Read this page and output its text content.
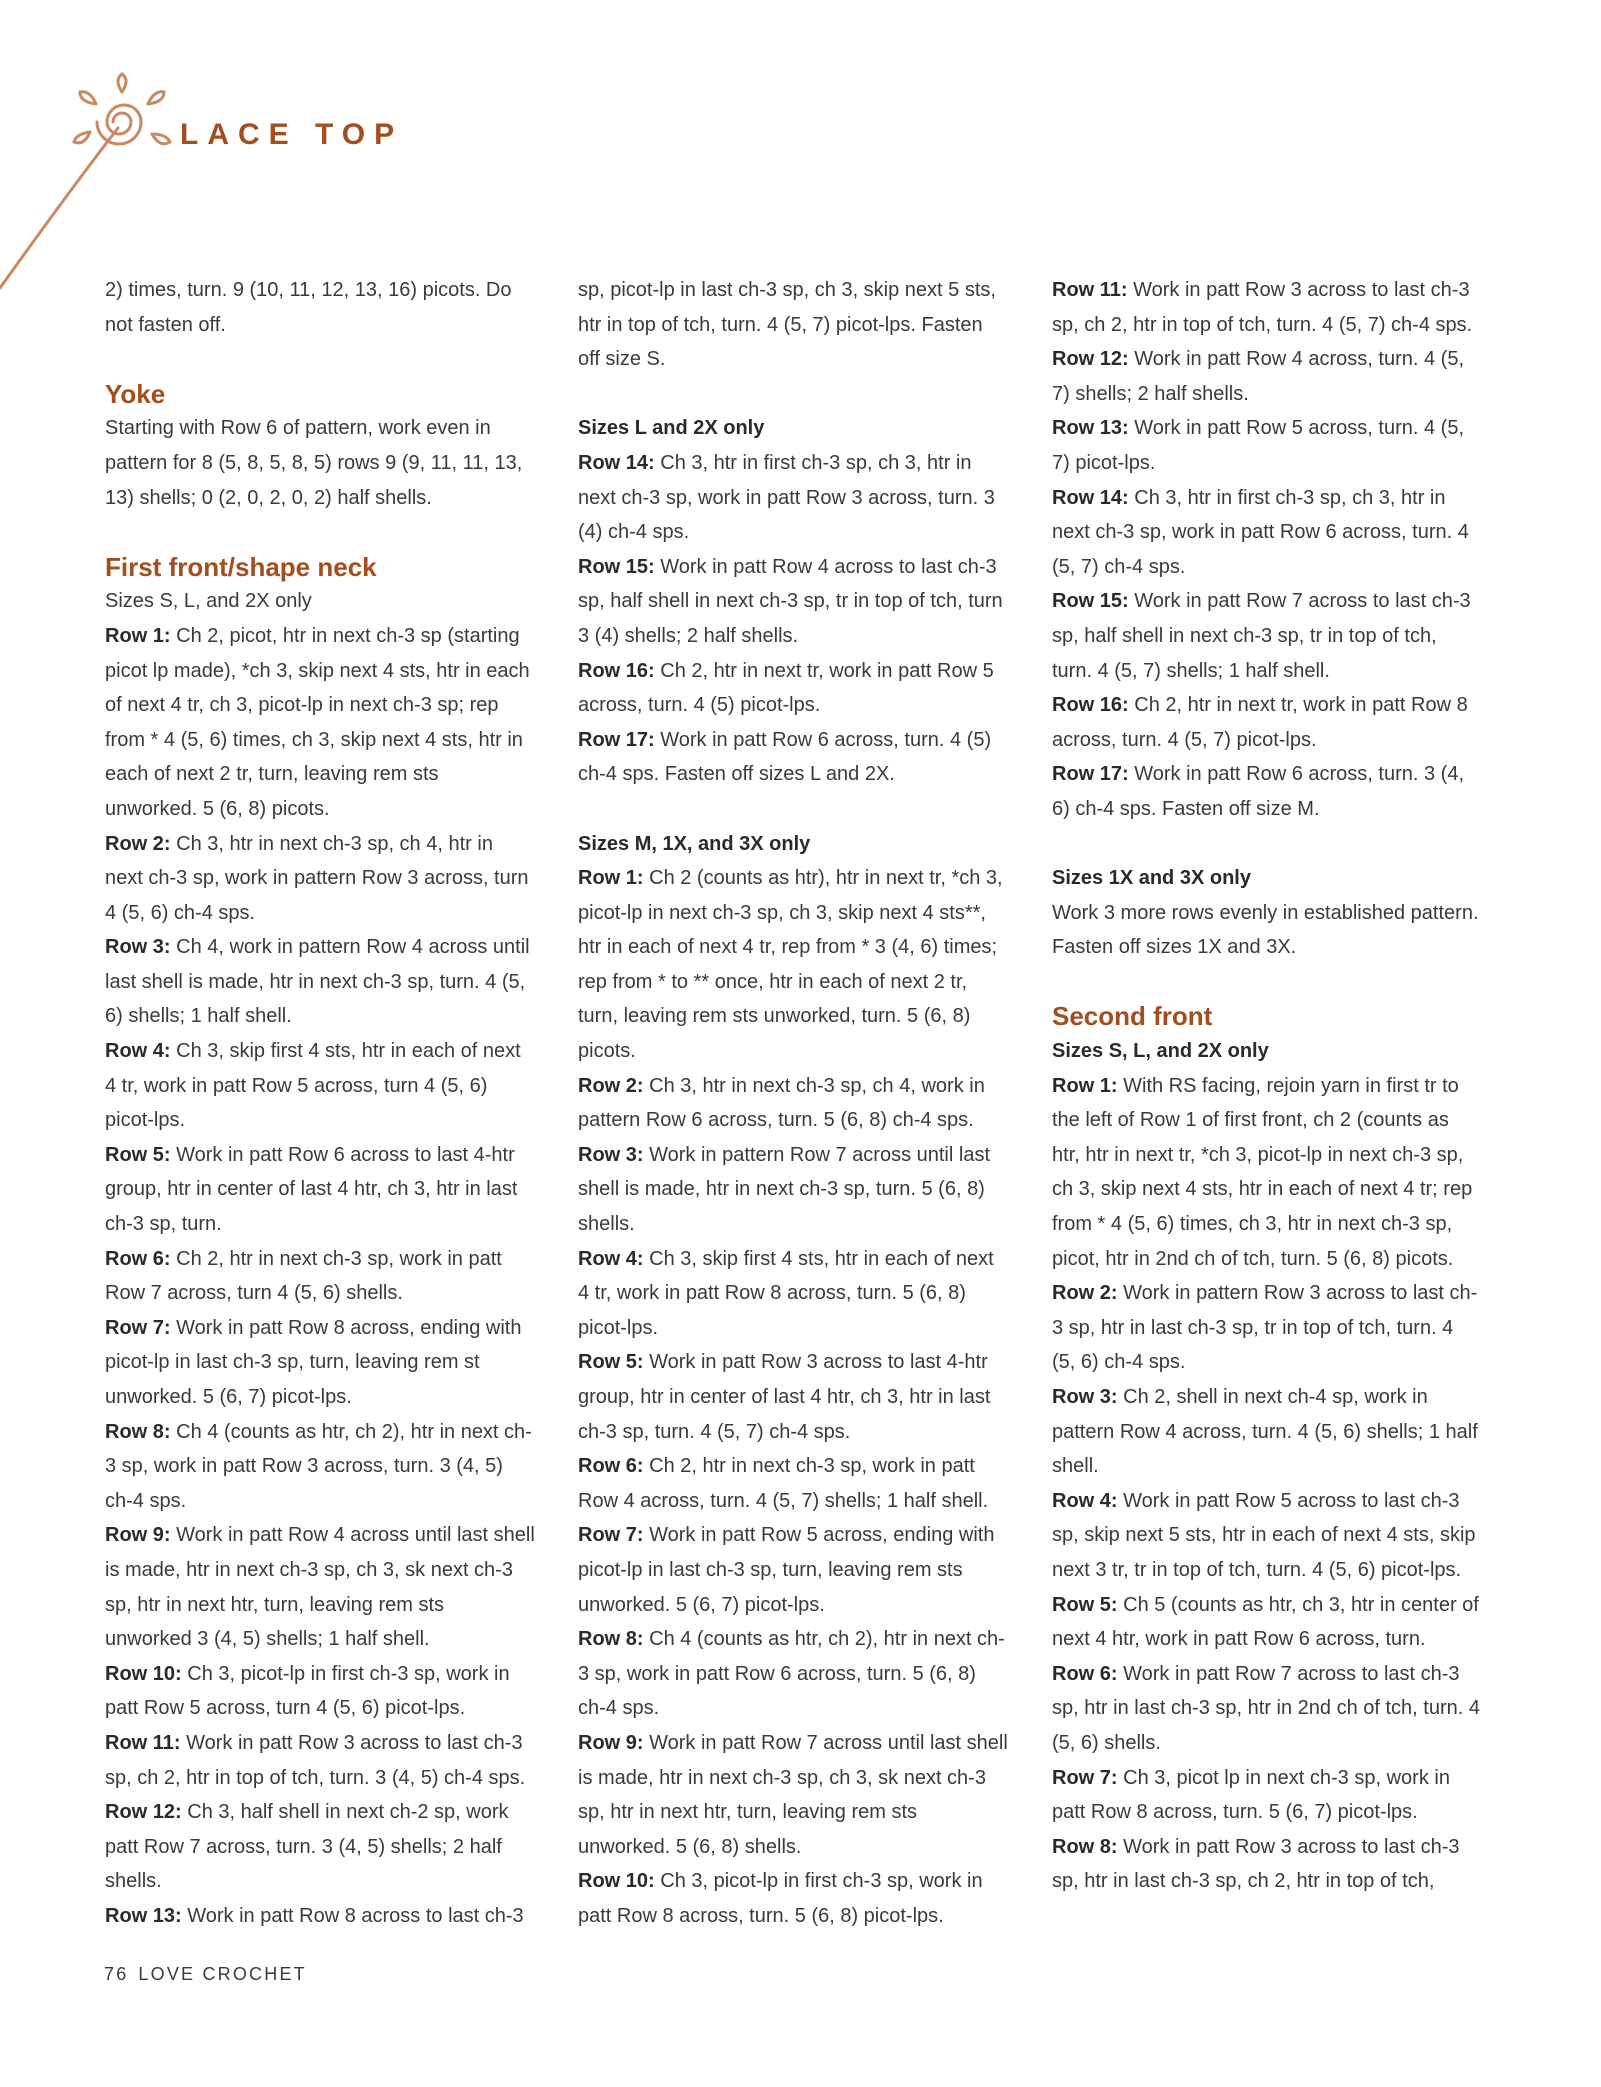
LACE TOP

2) times, turn. 9 (10, 11, 12, 13, 16) picots. Do not fasten off.

Yoke

Starting with Row 6 of pattern, work even in pattern for 8 (5, 8, 5, 8, 5) rows 9 (9, 11, 11, 13, 13) shells; 0 (2, 0, 2, 0, 2) half shells.

First front/shape neck

Sizes S, L, and 2X only

Row 1: Ch 2, picot, htr in next ch-3 sp (starting picot lp made), *ch 3, skip next 4 sts, htr in each of next 4 tr, ch 3, picot-lp in next ch-3 sp; rep from * 4 (5, 6) times, ch 3, skip next 4 sts, htr in each of next 2 tr, turn, leaving rem sts unworked. 5 (6, 8) picots.

Row 2: Ch 3, htr in next ch-3 sp, ch 4, htr in next ch-3 sp, work in pattern Row 3 across, turn 4 (5, 6) ch-4 sps.

Row 3: Ch 4, work in pattern Row 4 across until last shell is made, htr in next ch-3 sp, turn. 4 (5, 6) shells; 1 half shell.

Row 4: Ch 3, skip first 4 sts, htr in each of next 4 tr, work in patt Row 5 across, turn 4 (5, 6) picot-lps.

Row 5: Work in patt Row 6 across to last 4-htr group, htr in center of last 4 htr, ch 3, htr in last ch-3 sp, turn.

Row 6: Ch 2, htr in next ch-3 sp, work in patt Row 7 across, turn 4 (5, 6) shells.

Row 7: Work in patt Row 8 across, ending with picot-lp in last ch-3 sp, turn, leaving rem st unworked. 5 (6, 7) picot-lps.

Row 8: Ch 4 (counts as htr, ch 2), htr in next ch-3 sp, work in patt Row 3 across, turn. 3 (4, 5) ch-4 sps.

Row 9: Work in patt Row 4 across until last shell is made, htr in next ch-3 sp, ch 3, sk next ch-3 sp, htr in next htr, turn, leaving rem sts unworked 3 (4, 5) shells; 1 half shell.

Row 10: Ch 3, picot-lp in first ch-3 sp, work in patt Row 5 across, turn 4 (5, 6) picot-lps.

Row 11: Work in patt Row 3 across to last ch-3 sp, ch 2, htr in top of tch, turn. 3 (4, 5) ch-4 sps.

Row 12: Ch 3, half shell in next ch-2 sp, work patt Row 7 across, turn. 3 (4, 5) shells; 2 half shells.

Row 13: Work in patt Row 8 across to last ch-3

sp, picot-lp in last ch-3 sp, ch 3, skip next 5 sts, htr in top of tch, turn. 4 (5, 7) picot-lps. Fasten off size S.

Sizes L and 2X only

Row 14: Ch 3, htr in first ch-3 sp, ch 3, htr in next ch-3 sp, work in patt Row 3 across, turn. 3 (4) ch-4 sps.

Row 15: Work in patt Row 4 across to last ch-3 sp, half shell in next ch-3 sp, tr in top of tch, turn 3 (4) shells; 2 half shells.

Row 16: Ch 2, htr in next tr, work in patt Row 5 across, turn. 4 (5) picot-lps.

Row 17: Work in patt Row 6 across, turn. 4 (5) ch-4 sps. Fasten off sizes L and 2X.

Sizes M, 1X, and 3X only

Row 1: Ch 2 (counts as htr), htr in next tr, *ch 3, picot-lp in next ch-3 sp, ch 3, skip next 4 sts**, htr in each of next 4 tr, rep from * 3 (4, 6) times; rep from * to ** once, htr in each of next 2 tr, turn, leaving rem sts unworked, turn. 5 (6, 8) picots.

Row 2: Ch 3, htr in next ch-3 sp, ch 4, work in pattern Row 6 across, turn. 5 (6, 8) ch-4 sps.

Row 3: Work in pattern Row 7 across until last shell is made, htr in next ch-3 sp, turn. 5 (6, 8) shells.

Row 4: Ch 3, skip first 4 sts, htr in each of next 4 tr, work in patt Row 8 across, turn. 5 (6, 8) picot-lps.

Row 5: Work in patt Row 3 across to last 4-htr group, htr in center of last 4 htr, ch 3, htr in last ch-3 sp, turn. 4 (5, 7) ch-4 sps.

Row 6: Ch 2, htr in next ch-3 sp, work in patt Row 4 across, turn. 4 (5, 7) shells; 1 half shell.

Row 7: Work in patt Row 5 across, ending with picot-lp in last ch-3 sp, turn, leaving rem sts unworked. 5 (6, 7) picot-lps.

Row 8: Ch 4 (counts as htr, ch 2), htr in next ch-3 sp, work in patt Row 6 across, turn. 5 (6, 8) ch-4 sps.

Row 9: Work in patt Row 7 across until last shell is made, htr in next ch-3 sp, ch 3, sk next ch-3 sp, htr in next htr, turn, leaving rem sts unworked. 5 (6, 8) shells.

Row 10: Ch 3, picot-lp in first ch-3 sp, work in patt Row 8 across, turn. 5 (6, 8) picot-lps.

Row 11: Work in patt Row 3 across to last ch-3 sp, ch 2, htr in top of tch, turn. 4 (5, 7) ch-4 sps.

Row 12: Work in patt Row 4 across, turn. 4 (5, 7) shells; 2 half shells.

Row 13: Work in patt Row 5 across, turn. 4 (5, 7) picot-lps.

Row 14: Ch 3, htr in first ch-3 sp, ch 3, htr in next ch-3 sp, work in patt Row 6 across, turn. 4 (5, 7) ch-4 sps.

Row 15: Work in patt Row 7 across to last ch-3 sp, half shell in next ch-3 sp, tr in top of tch, turn. 4 (5, 7) shells; 1 half shell.

Row 16: Ch 2, htr in next tr, work in patt Row 8 across, turn. 4 (5, 7) picot-lps.

Row 17: Work in patt Row 6 across, turn. 3 (4, 6) ch-4 sps. Fasten off size M.

Sizes 1X and 3X only

Work 3 more rows evenly in established pattern. Fasten off sizes 1X and 3X.

Second front

Sizes S, L, and 2X only

Row 1: With RS facing, rejoin yarn in first tr to the left of Row 1 of first front, ch 2 (counts as htr, htr in next tr, *ch 3, picot-lp in next ch-3 sp, ch 3, skip next 4 sts, htr in each of next 4 tr; rep from * 4 (5, 6) times, ch 3, htr in next ch-3 sp, picot, htr in 2nd ch of tch, turn. 5 (6, 8) picots.

Row 2: Work in pattern Row 3 across to last ch-3 sp, htr in last ch-3 sp, tr in top of tch, turn. 4 (5, 6) ch-4 sps.

Row 3: Ch 2, shell in next ch-4 sp, work in pattern Row 4 across, turn. 4 (5, 6) shells; 1 half shell.

Row 4: Work in patt Row 5 across to last ch-3 sp, skip next 5 sts, htr in each of next 4 sts, skip next 3 tr, tr in top of tch, turn. 4 (5, 6) picot-lps.

Row 5: Ch 5 (counts as htr, ch 3, htr in center of next 4 htr, work in patt Row 6 across, turn.

Row 6: Work in patt Row 7 across to last ch-3 sp, htr in last ch-3 sp, htr in 2nd ch of tch, turn. 4 (5, 6) shells.

Row 7: Ch 3, picot lp in next ch-3 sp, work in patt Row 8 across, turn. 5 (6, 7) picot-lps.

Row 8: Work in patt Row 3 across to last ch-3 sp, htr in last ch-3 sp, ch 2, htr in top of tch,

76 LOVE CROCHET
